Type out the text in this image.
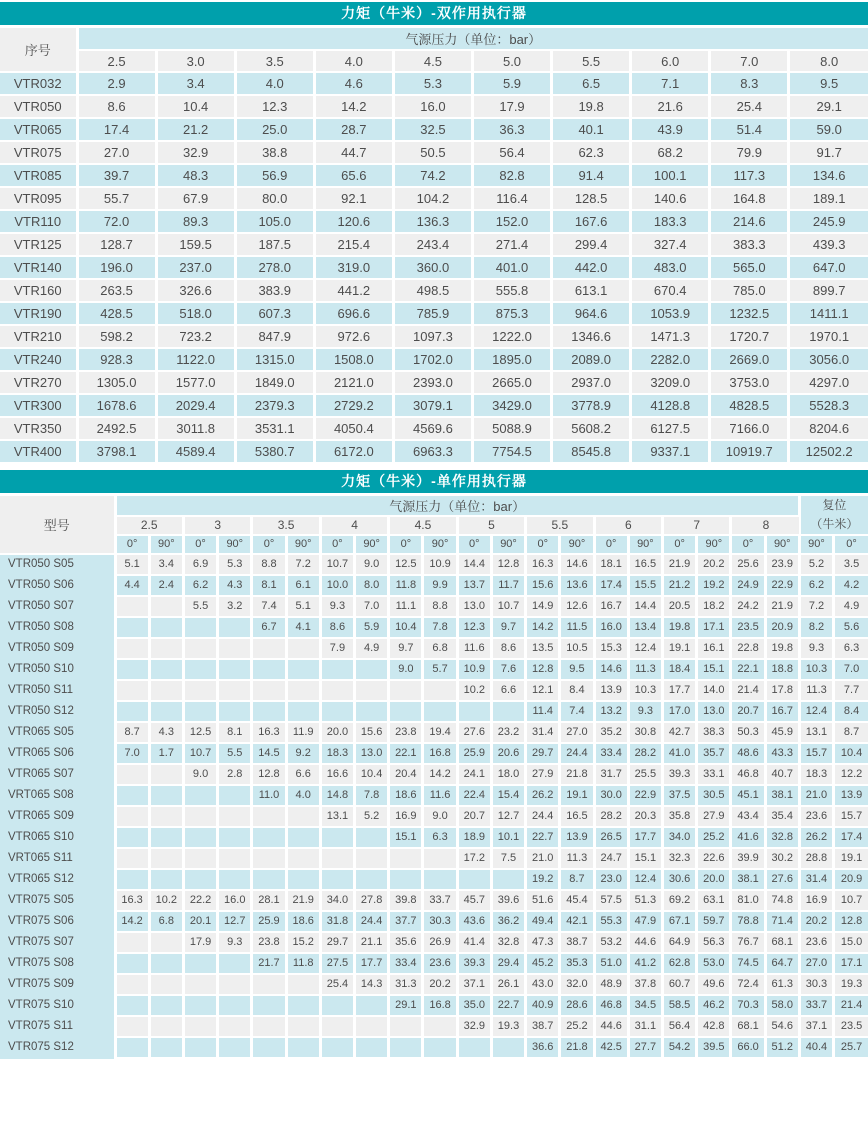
力矩（牛米）-双作用执行器										
序号	气源压力（单位：bar）									
	2.5	3.0	3.5	4.0	4.5	5.0	5.5	6.0	7.0	8.0
VTR032	2.9	3.4	4.0	4.6	5.3	5.9	6.5	7.1	8.3	9.5
VTR050	8.6	10.4	12.3	14.2	16.0	17.9	19.8	21.6	25.4	29.1
VTR065	17.4	21.2	25.0	28.7	32.5	36.3	40.1	43.9	51.4	59.0
VTR075	27.0	32.9	38.8	44.7	50.5	56.4	62.3	68.2	79.9	91.7
VTR085	39.7	48.3	56.9	65.6	74.2	82.8	91.4	100.1	117.3	134.6
VTR095	55.7	67.9	80.0	92.1	104.2	116.4	128.5	140.6	164.8	189.1
VTR110	72.0	89.3	105.0	120.6	136.3	152.0	167.6	183.3	214.6	245.9
VTR125	128.7	159.5	187.5	215.4	243.4	271.4	299.4	327.4	383.3	439.3
VTR140	196.0	237.0	278.0	319.0	360.0	401.0	442.0	483.0	565.0	647.0
VTR160	263.5	326.6	383.9	441.2	498.5	555.8	613.1	670.4	785.0	899.7
VTR190	428.5	518.0	607.3	696.6	785.9	875.3	964.6	1053.9	1232.5	1411.1
VTR210	598.2	723.2	847.9	972.6	1097.3	1222.0	1346.6	1471.3	1720.7	1970.1
VTR240	928.3	1122.0	1315.0	1508.0	1702.0	1895.0	2089.0	2282.0	2669.0	3056.0
VTR270	1305.0	1577.0	1849.0	2121.0	2393.0	2665.0	2937.0	3209.0	3753.0	4297.0
VTR300	1678.6	2029.4	2379.3	2729.2	3079.1	3429.0	3778.9	4128.8	4828.5	5528.3
VTR350	2492.5	3011.8	3531.1	4050.4	4569.6	5088.9	5608.2	6127.5	7166.0	8204.6
VTR400	3798.1	4589.4	5380.7	6172.0	6963.3	7754.5	8545.8	9337.1	10919.7	12502.2
力矩（牛米）-单作用执行器																						
型号	气源压力（单位：bar）																				复位
（牛米）	

	2.5		3		3.5		4		4.5		5		5.5		6		7		8			
	0°	90°	0°	90°	0°	90°	0°	90°	0°	90°	0°	90°	0°	90°	0°	90°	0°	90°	0°	90°	90°	0°
VTR050 S05	5.1	3.4	6.9	5.3	8.8	7.2	10.7	9.0	12.5	10.9	14.4	12.8	16.3	14.6	18.1	16.5	21.9	20.2	25.6	23.9	5.2	3.5
VTR050 S06	4.4	2.4	6.2	4.3	8.1	6.1	10.0	8.0	11.8	9.9	13.7	11.7	15.6	13.6	17.4	15.5	21.2	19.2	24.9	22.9	6.2	4.2
VTR050 S07			5.5	3.2	7.4	5.1	9.3	7.0	11.1	8.8	13.0	10.7	14.9	12.6	16.7	14.4	20.5	18.2	24.2	21.9	7.2	4.9
VTR050 S08					6.7	4.1	8.6	5.9	10.4	7.8	12.3	9.7	14.2	11.5	16.0	13.4	19.8	17.1	23.5	20.9	8.2	5.6
VTR050 S09							7.9	4.9	9.7	6.8	11.6	8.6	13.5	10.5	15.3	12.4	19.1	16.1	22.8	19.8	9.3	6.3
VTR050 S10									9.0	5.7	10.9	7.6	12.8	9.5	14.6	11.3	18.4	15.1	22.1	18.8	10.3	7.0
VTR050 S11											10.2	6.6	12.1	8.4	13.9	10.3	17.7	14.0	21.4	17.8	11.3	7.7
VTR050 S12													11.4	7.4	13.2	9.3	17.0	13.0	20.7	16.7	12.4	8.4
VTR065 S05	8.7	4.3	12.5	8.1	16.3	11.9	20.0	15.6	23.8	19.4	27.6	23.2	31.4	27.0	35.2	30.8	42.7	38.3	50.3	45.9	13.1	8.7
VTR065 S06	7.0	1.7	10.7	5.5	14.5	9.2	18.3	13.0	22.1	16.8	25.9	20.6	29.7	24.4	33.4	28.2	41.0	35.7	48.6	43.3	15.7	10.4
VTR065 S07			9.0	2.8	12.8	6.6	16.6	10.4	20.4	14.2	24.1	18.0	27.9	21.8	31.7	25.5	39.3	33.1	46.8	40.7	18.3	12.2
VRT065 S08					11.0	4.0	14.8	7.8	18.6	11.6	22.4	15.4	26.2	19.1	30.0	22.9	37.5	30.5	45.1	38.1	21.0	13.9
VTR065 S09							13.1	5.2	16.9	9.0	20.7	12.7	24.4	16.5	28.2	20.3	35.8	27.9	43.4	35.4	23.6	15.7
VTR065 S10									15.1	6.3	18.9	10.1	22.7	13.9	26.5	17.7	34.0	25.2	41.6	32.8	26.2	17.4
VRT065 S11											17.2	7.5	21.0	11.3	24.7	15.1	32.3	22.6	39.9	30.2	28.8	19.1
VTR065 S12													19.2	8.7	23.0	12.4	30.6	20.0	38.1	27.6	31.4	20.9
VTR075 S05	16.3	10.2	22.2	16.0	28.1	21.9	34.0	27.8	39.8	33.7	45.7	39.6	51.6	45.4	57.5	51.3	69.2	63.1	81.0	74.8	16.9	10.7
VTR075 S06	14.2	6.8	20.1	12.7	25.9	18.6	31.8	24.4	37.7	30.3	43.6	36.2	49.4	42.1	55.3	47.9	67.1	59.7	78.8	71.4	20.2	12.8
VTR075 S07			17.9	9.3	23.8	15.2	29.7	21.1	35.6	26.9	41.4	32.8	47.3	38.7	53.2	44.6	64.9	56.3	76.7	68.1	23.6	15.0
VTR075 S08					21.7	11.8	27.5	17.7	33.4	23.6	39.3	29.4	45.2	35.3	51.0	41.2	62.8	53.0	74.5	64.7	27.0	17.1
VTR075 S09							25.4	14.3	31.3	20.2	37.1	26.1	43.0	32.0	48.9	37.8	60.7	49.6	72.4	61.3	30.3	19.3
VTR075 S10									29.1	16.8	35.0	22.7	40.9	28.6	46.8	34.5	58.5	46.2	70.3	58.0	33.7	21.4
VTR075 S11											32.9	19.3	38.7	25.2	44.6	31.1	56.4	42.8	68.1	54.6	37.1	23.5
VTR075 S12													36.6	21.8	42.5	27.7	54.2	39.5	66.0	51.2	40.4	25.7
